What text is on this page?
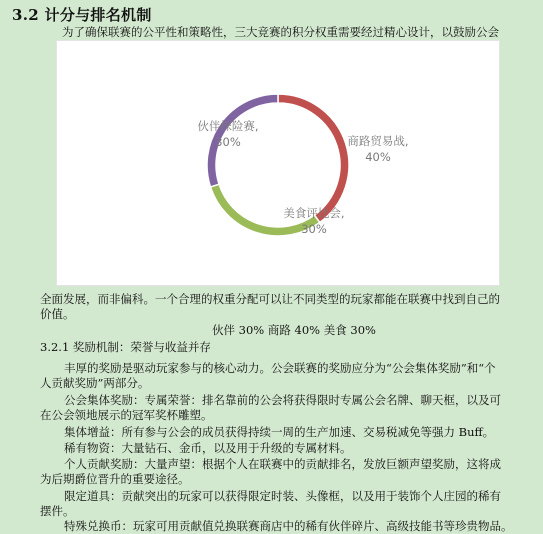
3.2 计分与排名机制
为了确保联赛的公平性和策略性，三大竞赛的积分权重需要经过精心设计，以鼓励公会
商路贸易战, 40%
美食评比会, 30%
伙伴探险赛, 30%
全面发展，而非偏科。一个合理的权重分配可以让不同类型的玩家都能在联赛中找到自己的
价值。
伙伴 30% 商路 40% 美食 30%
3.2.1 奖励机制：荣誉与收益并存
丰厚的奖励是驱动玩家参与的核心动力。公会联赛的奖励应分为“公会集体奖励”和“个
人贡献奖励”两部分。
公会集体奖励：专属荣誉：排名靠前的公会将获得限时专属公会名牌、聊天框，以及可
在公会领地展示的冠军奖杯雕塑。
集体增益：所有参与公会的成员获得持续一周的生产加速、交易税减免等强力 Buff。
稀有物资：大量钻石、金币，以及用于升级的专属材料。
个人贡献奖励：大量声望：根据个人在联赛中的贡献排名，发放巨额声望奖励，这将成
为后期爵位晋升的重要途径。
限定道具：贡献突出的玩家可以获得限定时装、头像框，以及用于装饰个人庄园的稀有
摆件。
特殊兑换币：玩家可用贡献值兑换联赛商店中的稀有伙伴碎片、高级技能书等珍贵物品。
